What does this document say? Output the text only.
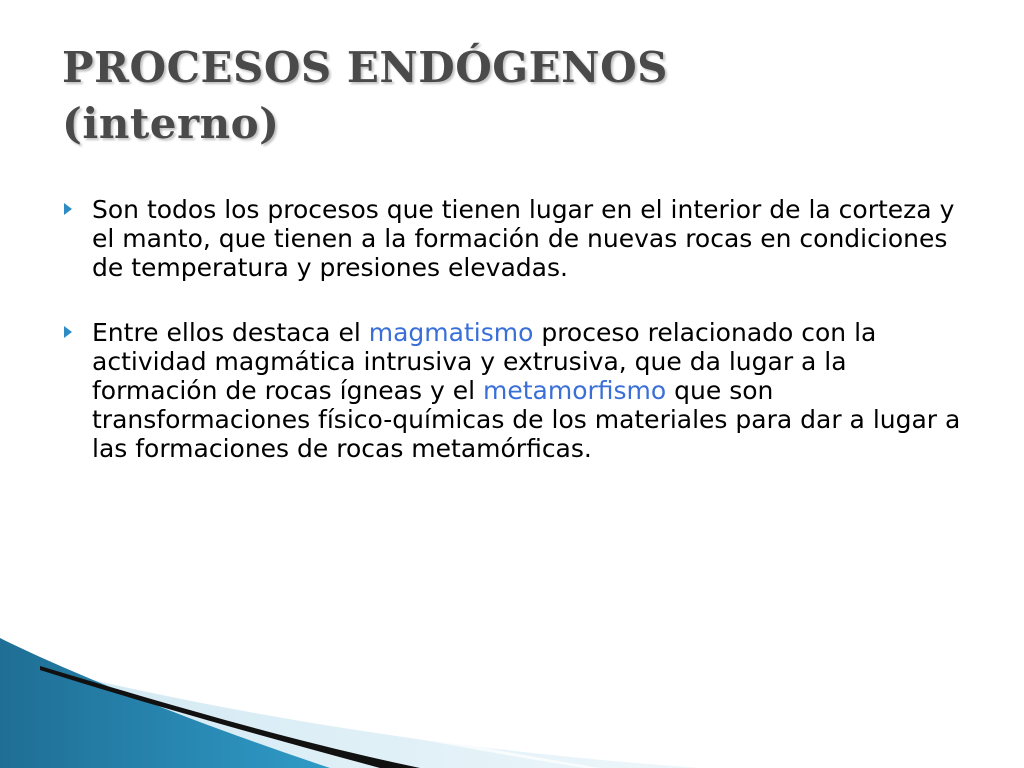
PROCESOS ENDÓGENOS
(interno)
Son todos los procesos que tienen lugar en el interior de la corteza y el manto, que tienen a la formación de nuevas rocas en condiciones de temperatura y presiones elevadas.
Entre ellos destaca el magmatismo proceso relacionado con la actividad magmática intrusiva y extrusiva, que da lugar a la formación de rocas ígneas y el metamorfismo que son transformaciones físico-químicas de los materiales para dar a lugar a las formaciones de rocas metamórficas.
